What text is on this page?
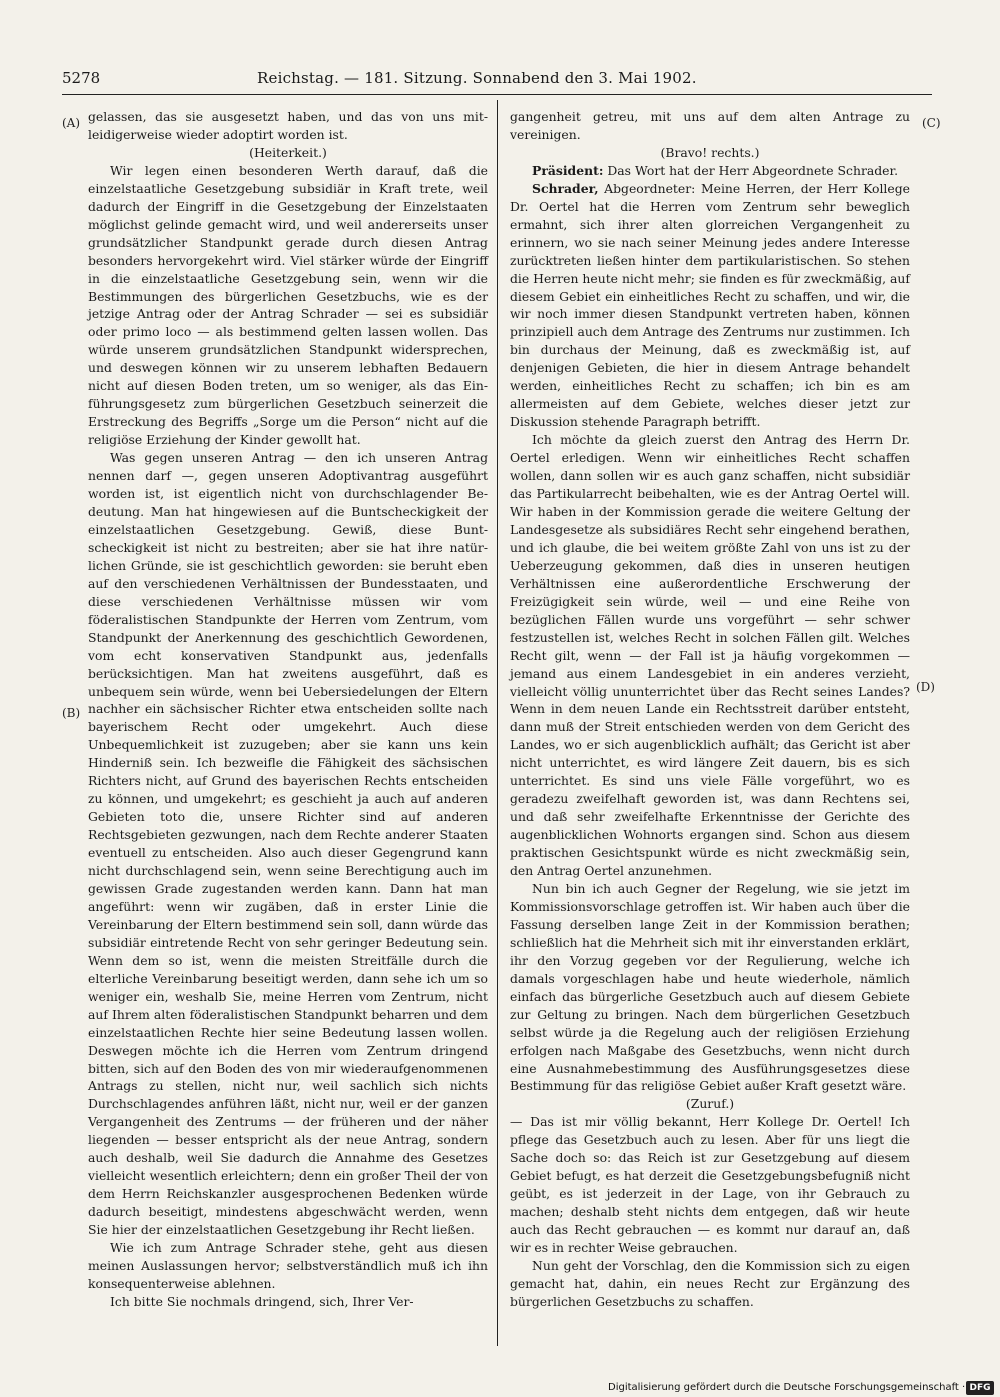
5278	Reichstag. — 181. Sitzung. Sonnabend den 3. Mai 1902.
(A)
(B)
(C)
(D)

gelassen, das sie ausgesetzt haben, und das von uns mitleidigerweise wieder adoptirt worden ist.

(Heiterkeit.)

Wir legen einen besonderen Werth darauf, daß die einzelstaatliche Gesetzgebung subsidiär in Kraft trete, weil dadurch der Eingriff in die Gesetzgebung der Einzelstaaten möglichst gelinde gemacht wird, und weil andererseits unser grundsätzlicher Standpunkt gerade durch diesen Antrag besonders hervorgekehrt wird. Viel stärker würde der Eingriff in die einzelstaatliche Gesetzgebung sein, wenn wir die Bestimmungen des bürgerlichen Gesetzbuchs, wie es der jetzige Antrag oder der Antrag Schrader — sei es subsidiär oder primo loco — als bestimmend gelten lassen wollen. Das würde unserem grundsätzlichen Standpunkt widersprechen, und deswegen können wir zu unserem lebhaften Bedauern nicht auf diesen Boden treten, um so weniger, als das Einführungsgesetz zum bürgerlichen Gesetzbuch seinerzeit die Erstreckung des Begriffs „Sorge um die Person“ nicht auf die religiöse Erziehung der Kinder gewollt hat.

Was gegen unseren Antrag — den ich unseren Antrag nennen darf —, gegen unseren Adoptivantrag ausgeführt worden ist, ist eigentlich nicht von durchschlagender Bedeutung. Man hat hingewiesen auf die Buntscheckigkeit der einzelstaatlichen Gesetzgebung. Gewiß, diese Buntscheckigkeit ist nicht zu bestreiten; aber sie hat ihre natürlichen Gründe, sie ist geschichtlich geworden: sie beruht eben auf den verschiedenen Verhältnissen der Bundesstaaten, und diese verschiedenen Verhältnisse müssen wir vom föderalistischen Standpunkte der Herren vom Zentrum, vom Standpunkt der Anerkennung des geschichtlich Gewordenen, vom echt konservativen Standpunkt aus, jedenfalls berücksichtigen. Man hat zweitens ausgeführt, daß es unbequem sein würde, wenn bei Uebersiedelungen der Eltern nachher ein sächsischer Richter etwa entscheiden sollte nach bayerischem Recht oder umgekehrt. Auch diese Unbequemlichkeit ist zuzugeben; aber sie kann uns kein Hinderniß sein. Ich bezweifle die Fähigkeit des sächsischen Richters nicht, auf Grund des bayerischen Rechts entscheiden zu können, und umgekehrt; es geschieht ja auch auf anderen Gebieten toto die, unsere Richter sind auf anderen Rechtsgebieten gezwungen, nach dem Rechte anderer Staaten eventuell zu entscheiden. Also auch dieser Gegengrund kann nicht durchschlagend sein, wenn seine Berechtigung auch im gewissen Grade zugestanden werden kann. Dann hat man angeführt: wenn wir zugäben, daß in erster Linie die Vereinbarung der Eltern bestimmend sein soll, dann würde das subsidiär eintretende Recht von sehr geringer Bedeutung sein. Wenn dem so ist, wenn die meisten Streitfälle durch die elterliche Vereinbarung beseitigt werden, dann sehe ich um so weniger ein, weshalb Sie, meine Herren vom Zentrum, nicht auf Ihrem alten föderalistischen Standpunkt beharren und dem einzelstaatlichen Rechte hier seine Bedeutung lassen wollen. Deswegen möchte ich die Herren vom Zentrum dringend bitten, sich auf den Boden des von mir wiederaufgenommenen Antrags zu stellen, nicht nur, weil sachlich sich nichts Durchschlagendes anführen läßt, nicht nur, weil er der ganzen Vergangenheit des Zentrums — der früheren und der näher liegenden — besser entspricht als der neue Antrag, sondern auch deshalb, weil Sie dadurch die Annahme des Gesetzes vielleicht wesentlich erleichtern; denn ein großer Theil der von dem Herrn Reichskanzler ausgesprochenen Bedenken würde dadurch beseitigt, mindestens abgeschwächt werden, wenn Sie hier der einzelstaatlichen Gesetzgebung ihr Recht ließen.

Wie ich zum Antrage Schrader stehe, geht aus diesen meinen Auslassungen hervor; selbstverständlich muß ich ihn konsequenterweise ablehnen.

Ich bitte Sie nochmals dringend, sich, Ihrer Ver-

gangenheit getreu, mit uns auf dem alten Antrage zu vereinigen.

(Bravo! rechts.)

Präsident: Das Wort hat der Herr Abgeordnete Schrader.

Schrader, Abgeordneter: Meine Herren, der Herr Kollege Dr. Oertel hat die Herren vom Zentrum sehr beweglich ermahnt, sich ihrer alten glorreichen Vergangenheit zu erinnern, wo sie nach seiner Meinung jedes andere Interesse zurücktreten ließen hinter dem partikularistischen. So stehen die Herren heute nicht mehr; sie finden es für zweckmäßig, auf diesem Gebiet ein einheitliches Recht zu schaffen, und wir, die wir noch immer diesen Standpunkt vertreten haben, können prinzipiell auch dem Antrage des Zentrums nur zustimmen. Ich bin durchaus der Meinung, daß es zweckmäßig ist, auf denjenigen Gebieten, die hier in diesem Antrage behandelt werden, einheitliches Recht zu schaffen; ich bin es am allermeisten auf dem Gebiete, welches dieser jetzt zur Diskussion stehende Paragraph betrifft.

Ich möchte da gleich zuerst den Antrag des Herrn Dr. Oertel erledigen. Wenn wir einheitliches Recht schaffen wollen, dann sollen wir es auch ganz schaffen, nicht subsidiär das Partikularrecht beibehalten, wie es der Antrag Oertel will. Wir haben in der Kommission gerade die weitere Geltung der Landesgesetze als subsidiäres Recht sehr eingehend berathen, und ich glaube, die bei weitem größte Zahl von uns ist zu der Ueberzeugung gekommen, daß dies in unseren heutigen Verhältnissen eine außerordentliche Erschwerung der Freizügigkeit sein würde, weil — und eine Reihe von bezüglichen Fällen wurde uns vorgeführt — sehr schwer festzustellen ist, welches Recht in solchen Fällen gilt. Welches Recht gilt, wenn — der Fall ist ja häufig vorgekommen — jemand aus einem Landesgebiet in ein anderes verzieht, vielleicht völlig ununterrichtet über das Recht seines Landes? Wenn in dem neuen Lande ein Rechtsstreit darüber entsteht, dann muß der Streit entschieden werden von dem Gericht des Landes, wo er sich augenblicklich aufhält; das Gericht ist aber nicht unterrichtet, es wird längere Zeit dauern, bis es sich unterrichtet. Es sind uns viele Fälle vorgeführt, wo es geradezu zweifelhaft geworden ist, was dann Rechtens sei, und daß sehr zweifelhafte Erkenntnisse der Gerichte des augenblicklichen Wohnorts ergangen sind. Schon aus diesem praktischen Gesichtspunkt würde es nicht zweckmäßig sein, den Antrag Oertel anzunehmen.

Nun bin ich auch Gegner der Regelung, wie sie jetzt im Kommissionsvorschlage getroffen ist. Wir haben auch über die Fassung derselben lange Zeit in der Kommission berathen; schließlich hat die Mehrheit sich mit ihr einverstanden erklärt, ihr den Vorzug gegeben vor der Regulierung, welche ich damals vorgeschlagen habe und heute wiederhole, nämlich einfach das bürgerliche Gesetzbuch auch auf diesem Gebiete zur Geltung zu bringen. Nach dem bürgerlichen Gesetzbuch selbst würde ja die Regelung auch der religiösen Erziehung erfolgen nach Maßgabe des Gesetzbuchs, wenn nicht durch eine Ausnahmebestimmung des Ausführungsgesetzes diese Bestimmung für das religiöse Gebiet außer Kraft gesetzt wäre.

(Zuruf.)

— Das ist mir völlig bekannt, Herr Kollege Dr. Oertel! Ich pflege das Gesetzbuch auch zu lesen. Aber für uns liegt die Sache doch so: das Reich ist zur Gesetzgebung auf diesem Gebiet befugt, es hat derzeit die Gesetzgebungsbefugniß nicht geübt, es ist jederzeit in der Lage, von ihr Gebrauch zu machen; deshalb steht nichts dem entgegen, daß wir heute auch das Recht gebrauchen — es kommt nur darauf an, daß wir es in rechter Weise gebrauchen.

Nun geht der Vorschlag, den die Kommission sich zu eigen gemacht hat, dahin, ein neues Recht zur Ergänzung des bürgerlichen Gesetzbuchs zu schaffen.

Digitalisierung gefördert durch die Deutsche Forschungsgemeinschaft · DFG
